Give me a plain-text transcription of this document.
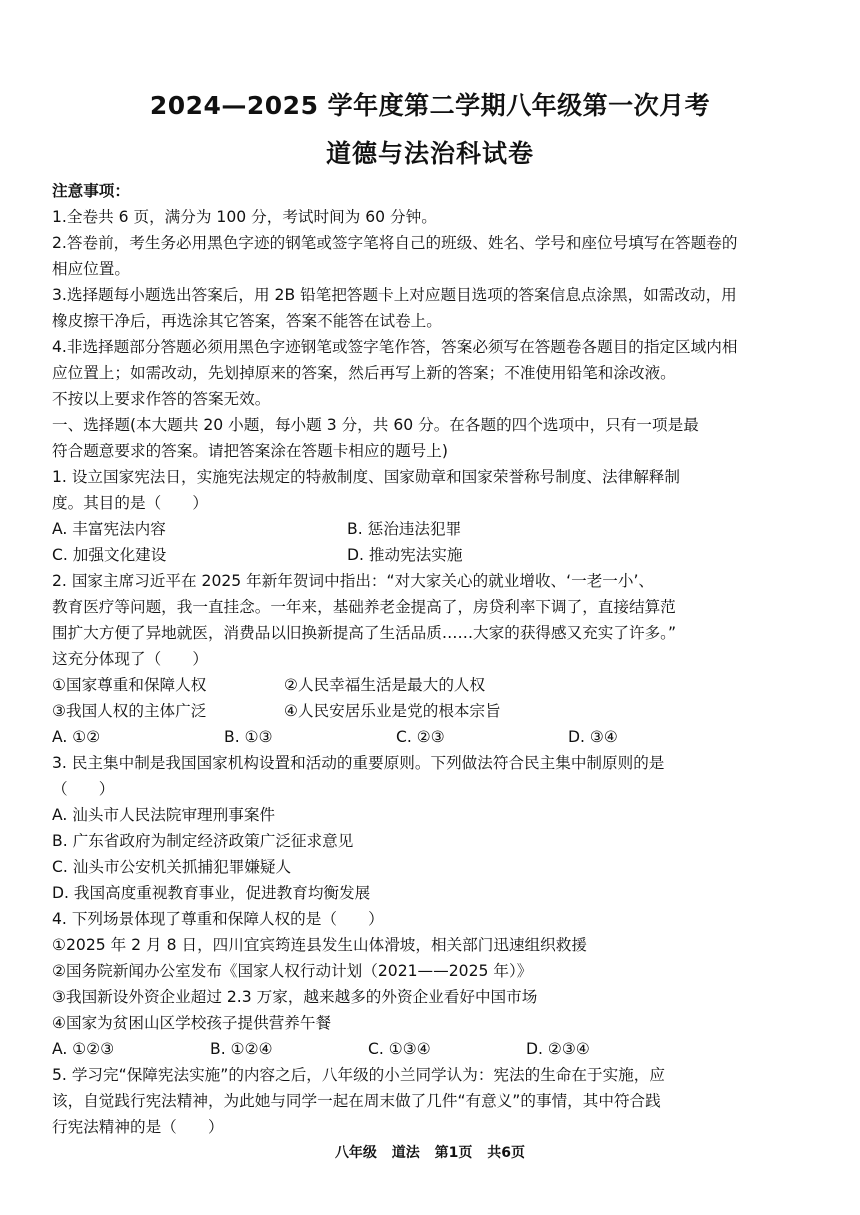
2024—2025 学年度第二学期八年级第一次月考
道德与法治科试卷
注意事项：
1.全卷共 6 页，满分为 100 分，考试时间为 60 分钟。
2.答卷前，考生务必用黑色字迹的钢笔或签字笔将自己的班级、姓名、学号和座位号填写在答题卷的
相应位置。
3.选择题每小题选出答案后，用 2B 铅笔把答题卡上对应题目选项的答案信息点涂黑，如需改动，用
橡皮擦干净后，再选涂其它答案，答案不能答在试卷上。
4.非选择题部分答题必须用黑色字迹钢笔或签字笔作答，答案必须写在答题卷各题目的指定区域内相
应位置上；如需改动，先划掉原来的答案，然后再写上新的答案；不准使用铅笔和涂改液。
不按以上要求作答的答案无效。
一、选择题(本大题共 20 小题，每小题 3 分，共 60 分。在各题的四个选项中，只有一项是最
符合题意要求的答案。请把答案涂在答题卡相应的题号上)
1. 设立国家宪法日，实施宪法规定的特赦制度、国家勋章和国家荣誉称号制度、法律解释制
度。其目的是（　　）
A. 丰富宪法内容	B. 惩治违法犯罪
C. 加强文化建设	D. 推动宪法实施
2. 国家主席习近平在 2025 年新年贺词中指出：“对大家关心的就业增收、‘一老一小’、
教育医疗等问题，我一直挂念。一年来，基础养老金提高了，房贷利率下调了，直接结算范
围扩大方便了异地就医，消费品以旧换新提高了生活品质……大家的获得感又充实了许多。”
这充分体现了（　　）
①国家尊重和保障人权	②人民幸福生活是最大的人权
③我国人权的主体广泛	④人民安居乐业是党的根本宗旨
A. ①②	B. ①③	C. ②③	D. ③④
3. 民主集中制是我国国家机构设置和活动的重要原则。下列做法符合民主集中制原则的是
（　　）
A. 汕头市人民法院审理刑事案件
B. 广东省政府为制定经济政策广泛征求意见
C. 汕头市公安机关抓捕犯罪嫌疑人
D. 我国高度重视教育事业，促进教育均衡发展
4. 下列场景体现了尊重和保障人权的是（　　）
①2025 年 2 月 8 日，四川宜宾筠连县发生山体滑坡，相关部门迅速组织救援
②国务院新闻办公室发布《国家人权行动计划（2021——2025 年）》
③我国新设外资企业超过 2.3 万家，越来越多的外资企业看好中国市场
④国家为贫困山区学校孩子提供营养午餐
A. ①②③	B. ①②④	C. ①③④	D. ②③④
5. 学习完“保障宪法实施”的内容之后，八年级的小兰同学认为：宪法的生命在于实施，应
该，自觉践行宪法精神，为此她与同学一起在周末做了几件“有意义”的事情，其中符合践
行宪法精神的是（　　）
八年级 道法 第1页 共6页
